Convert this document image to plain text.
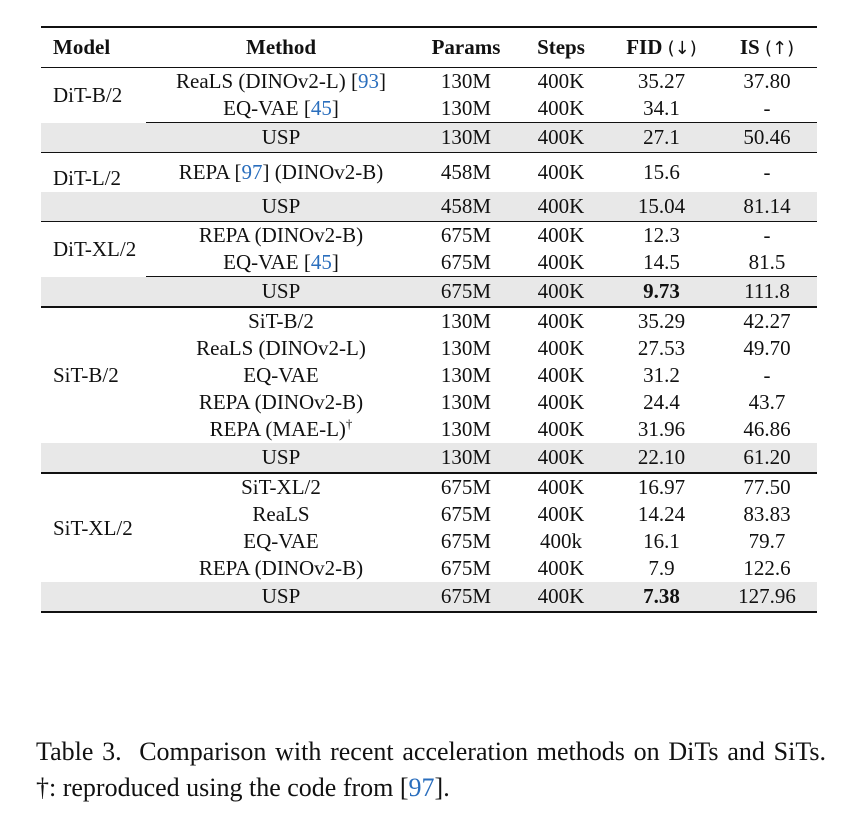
Model	Method	Params	Steps	FID (↓)	IS (↑)
DiT-B/2	ReaLS (DINOv2-L) [93]	130M	400K	35.27	37.80
	EQ-VAE [45]	130M	400K	34.1	-
	USP	130M	400K	27.1	50.46
DiT-L/2	REPA [97] (DINOv2-B)	458M	400K	15.6	-
	USP	458M	400K	15.04	81.14
DiT-XL/2	REPA (DINOv2-B)	675M	400K	12.3	-
	EQ-VAE [45]	675M	400K	14.5	81.5
	USP	675M	400K	9.73	111.8
SiT-B/2	SiT-B/2	130M	400K	35.29	42.27
	ReaLS (DINOv2-L)	130M	400K	27.53	49.70
	EQ-VAE	130M	400K	31.2	-
	REPA (DINOv2-B)	130M	400K	24.4	43.7
	REPA (MAE-L)†	130M	400K	31.96	46.86
	USP	130M	400K	22.10	61.20
SiT-XL/2	SiT-XL/2	675M	400K	16.97	77.50
	ReaLS	675M	400K	14.24	83.83
	EQ-VAE	675M	400k	16.1	79.7
	REPA (DINOv2-B)	675M	400K	7.9	122.6
	USP	675M	400K	7.38	127.96
Table 3. Comparison with recent acceleration methods on DiTs and SiTs. †: reproduced using the code from [97].
